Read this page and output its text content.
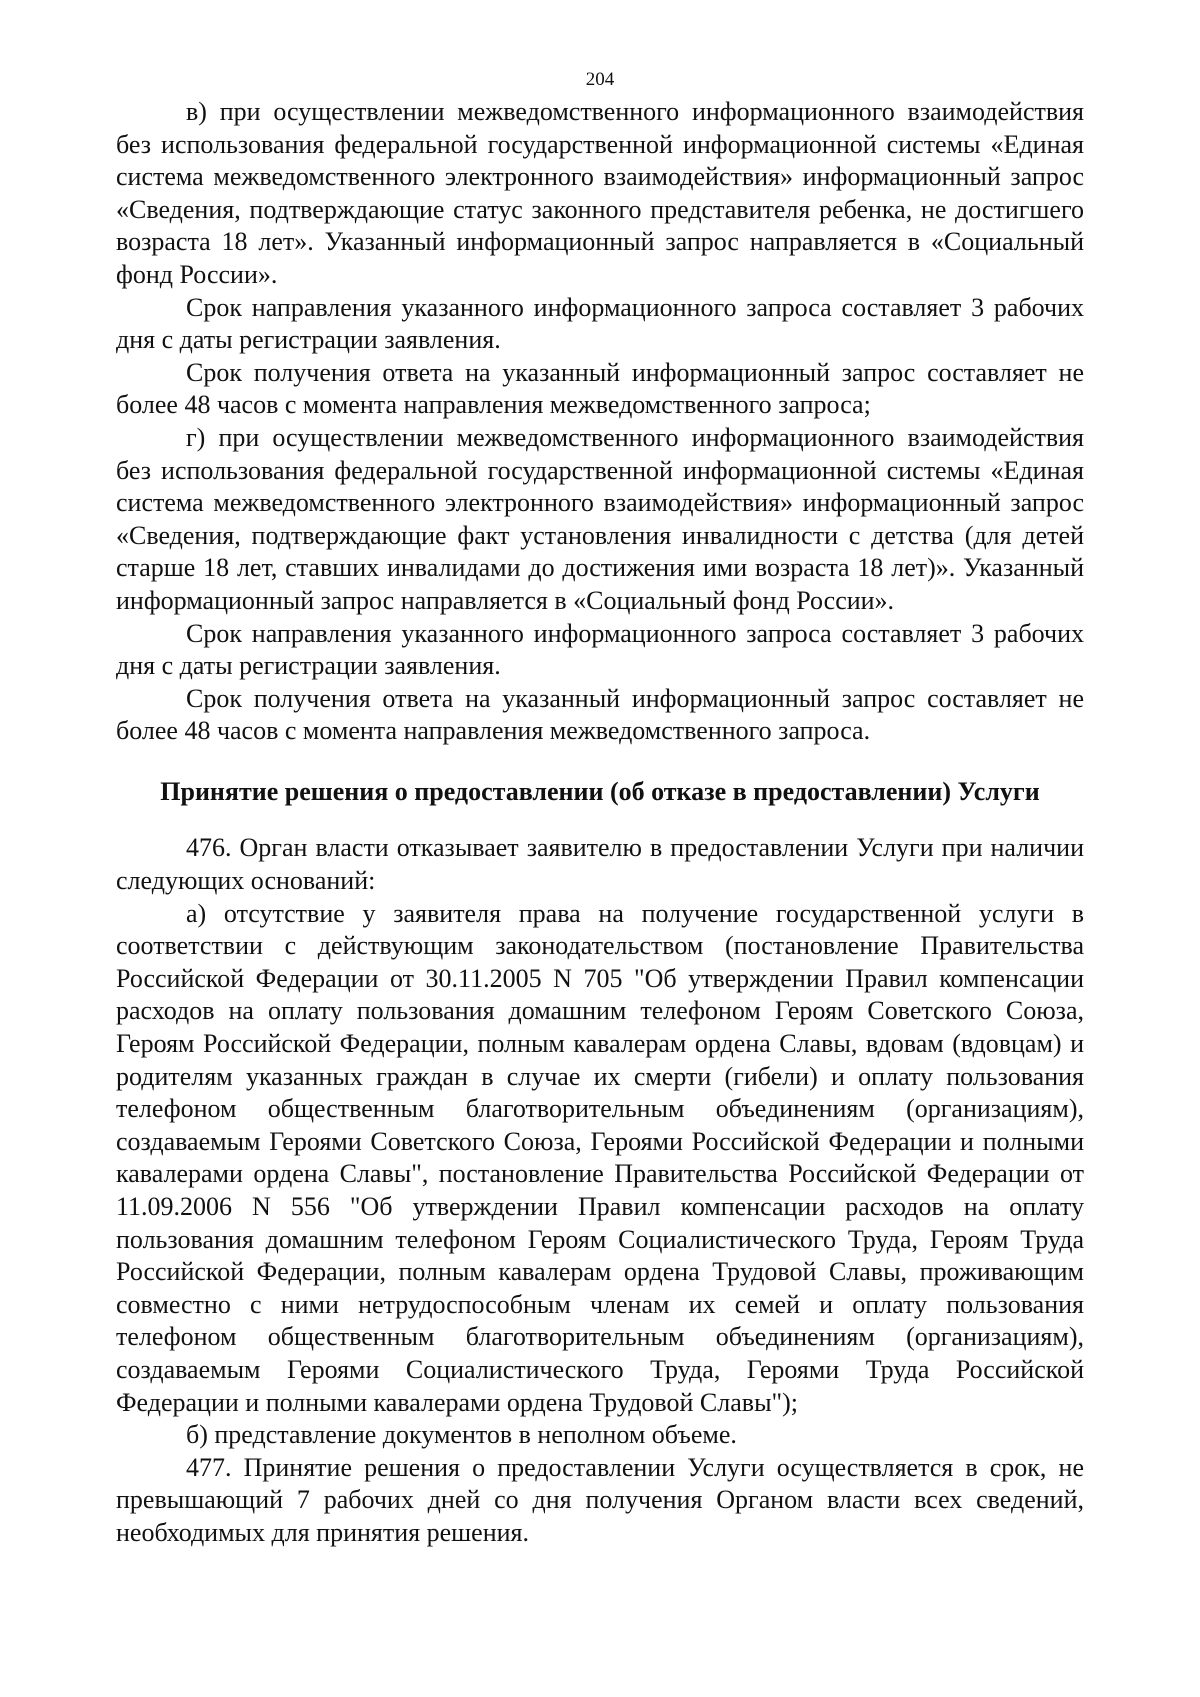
204

в) при осуществлении межведомственного информационного взаимодействия без использования федеральной государственной информационной системы «Единая система межведомственного электронного взаимодействия» информационный запрос «Сведения, подтверждающие статус законного представителя ребенка, не достигшего возраста 18 лет». Указанный информационный запрос направляется в «Социальный фонд России».

Срок направления указанного информационного запроса составляет 3 рабочих дня с даты регистрации заявления.

Срок получения ответа на указанный информационный запрос составляет не более 48 часов с момента направления межведомственного запроса;

г) при осуществлении межведомственного информационного взаимодействия без использования федеральной государственной информационной системы «Единая система межведомственного электронного взаимодействия» информационный запрос «Сведения, подтверждающие факт установления инвалидности с детства (для детей старше 18 лет, ставших инвалидами до достижения ими возраста 18 лет)». Указанный информационный запрос направляется в «Социальный фонд России».

Срок направления указанного информационного запроса составляет 3 рабочих дня с даты регистрации заявления.

Срок получения ответа на указанный информационный запрос составляет не более 48 часов с момента направления межведомственного запроса.

Принятие решения о предоставлении (об отказе в предоставлении) Услуги

476. Орган власти отказывает заявителю в предоставлении Услуги при наличии следующих оснований:

а) отсутствие у заявителя права на получение государственной услуги в соответствии с действующим законодательством (постановление Правительства Российской Федерации от 30.11.2005 N 705 "Об утверждении Правил компенсации расходов на оплату пользования домашним телефоном Героям Советского Союза, Героям Российской Федерации, полным кавалерам ордена Славы, вдовам (вдовцам) и родителям указанных граждан в случае их смерти (гибели) и оплату пользования телефоном общественным благотворительным объединениям (организациям), создаваемым Героями Советского Союза, Героями Российской Федерации и полными кавалерами ордена Славы", постановление Правительства Российской Федерации от 11.09.2006 N 556 "Об утверждении Правил компенсации расходов на оплату пользования домашним телефоном Героям Социалистического Труда, Героям Труда Российской Федерации, полным кавалерам ордена Трудовой Славы, проживающим совместно с ними нетрудоспособным членам их семей и оплату пользования телефоном общественным благотворительным объединениям (организациям), создаваемым Героями Социалистического Труда, Героями Труда Российской Федерации и полными кавалерами ордена Трудовой Славы");

б) представление документов в неполном объеме.

477. Принятие решения о предоставлении Услуги осуществляется в срок, не превышающий 7 рабочих дней со дня получения Органом власти всех сведений, необходимых для принятия решения.
